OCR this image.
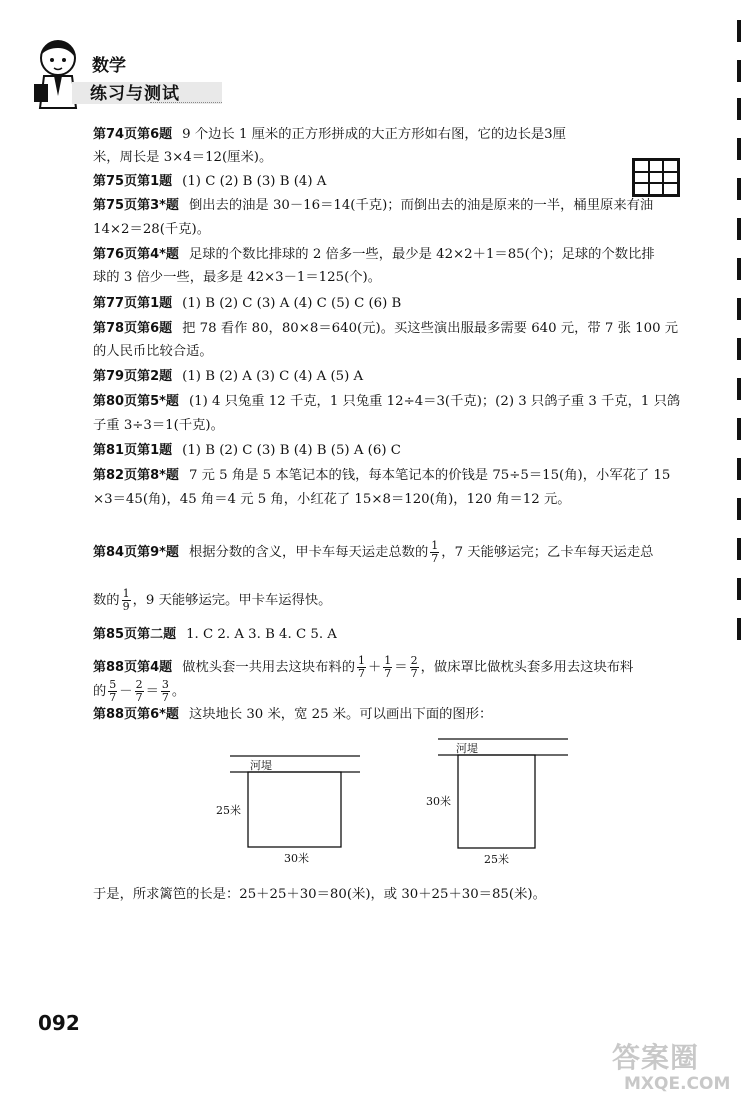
数学
练习与测试
第74页第6题 9 个边长 1 厘米的正方形拼成的大正方形如右图，它的边长是3厘
米，周长是 3×4＝12(厘米)。
第75页第1题 (1) C (2) B (3) B (4) A
第75页第3*题 倒出去的油是 30－16＝14(千克)；而倒出去的油是原来的一半，桶里原来有油
14×2＝28(千克)。
第76页第4*题 足球的个数比排球的 2 倍多一些，最少是 42×2＋1＝85(个)；足球的个数比排
球的 3 倍少一些，最多是 42×3－1＝125(个)。
第77页第1题 (1) B (2) C (3) A (4) C (5) C (6) B
第78页第6题 把 78 看作 80，80×8＝640(元)。买这些演出服最多需要 640 元，带 7 张 100 元
的人民币比较合适。
第79页第2题 (1) B (2) A (3) C (4) A (5) A
第80页第5*题 (1) 4 只兔重 12 千克，1 只兔重 12÷4＝3(千克)；(2) 3 只鸽子重 3 千克，1 只鸽
子重 3÷3＝1(千克)。
第81页第1题 (1) B (2) C (3) B (4) B (5) A (6) C
第82页第8*题 7 元 5 角是 5 本笔记本的钱，每本笔记本的价钱是 75÷5＝15(角)，小军花了 15
×3＝45(角)，45 角＝4 元 5 角，小红花了 15×8＝120(角)，120 角＝12 元。
第84页第9*题 根据分数的含义，甲卡车每天运走总数的 $\frac{1}{7}$ ，7 天能够运完；乙卡车每天运走总
数的 $\frac{1}{9}$ ，9 天能够运完。甲卡车运得快。
第85页第二题 1. C 2. A 3. B 4. C 5. A
第88页第4题 做枕头套一共用去这块布料的 $\frac{1}{7} + \frac{1}{7} = \frac{2}{7}$ ，做床罩比做枕头套多用去这块布料
的 $\frac{5}{7} - \frac{2}{7} = \frac{3}{7}$ 。
第88页第6*题 这块地长 30 米，宽 25 米。可以画出下面的图形：
河堤
25米
30米
河堤
30米
25米
于是，所求篱笆的长是：25＋25＋30＝80(米)，或 30＋25＋30＝85(米)。
092
答案圈
MXQE.COM
